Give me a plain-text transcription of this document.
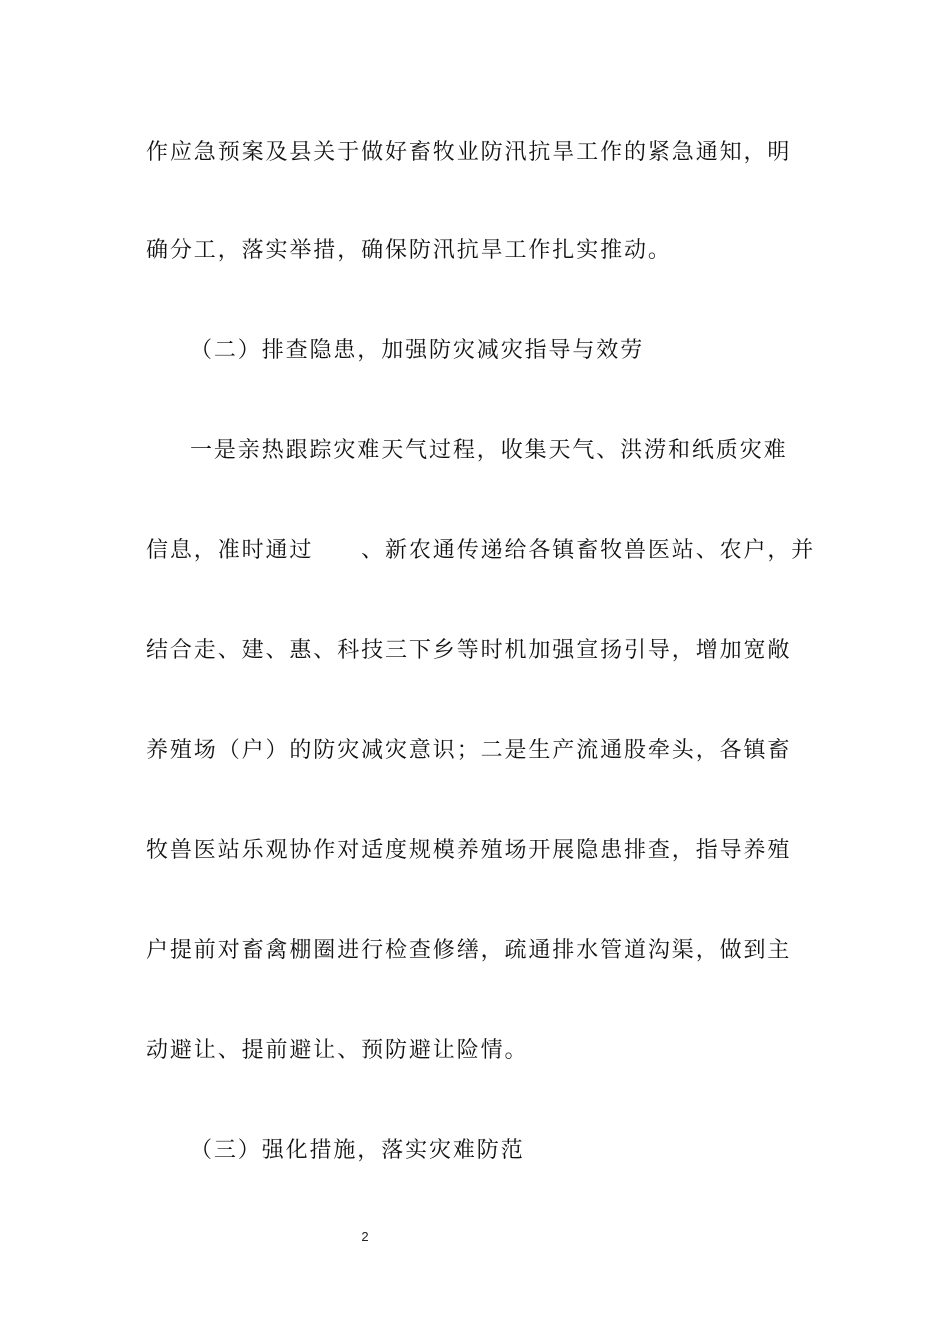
作应急预案及县关于做好畜牧业防汛抗旱工作的紧急通知，明
确分工，落实举措，确保防汛抗旱工作扎实推动。
（二）排查隐患，加强防灾减灾指导与效劳
一是亲热跟踪灾难天气过程，收集天气、洪涝和纸质灾难
信息，准时通过　　、新农通传递给各镇畜牧兽医站、农户，并
结合走、建、惠、科技三下乡等时机加强宣扬引导，增加宽敞
养殖场（户）的防灾减灾意识；二是生产流通股牵头，各镇畜
牧兽医站乐观协作对适度规模养殖场开展隐患排查，指导养殖
户提前对畜禽棚圈进行检查修缮，疏通排水管道沟渠，做到主
动避让、提前避让、预防避让险情。
（三）强化措施，落实灾难防范
2
